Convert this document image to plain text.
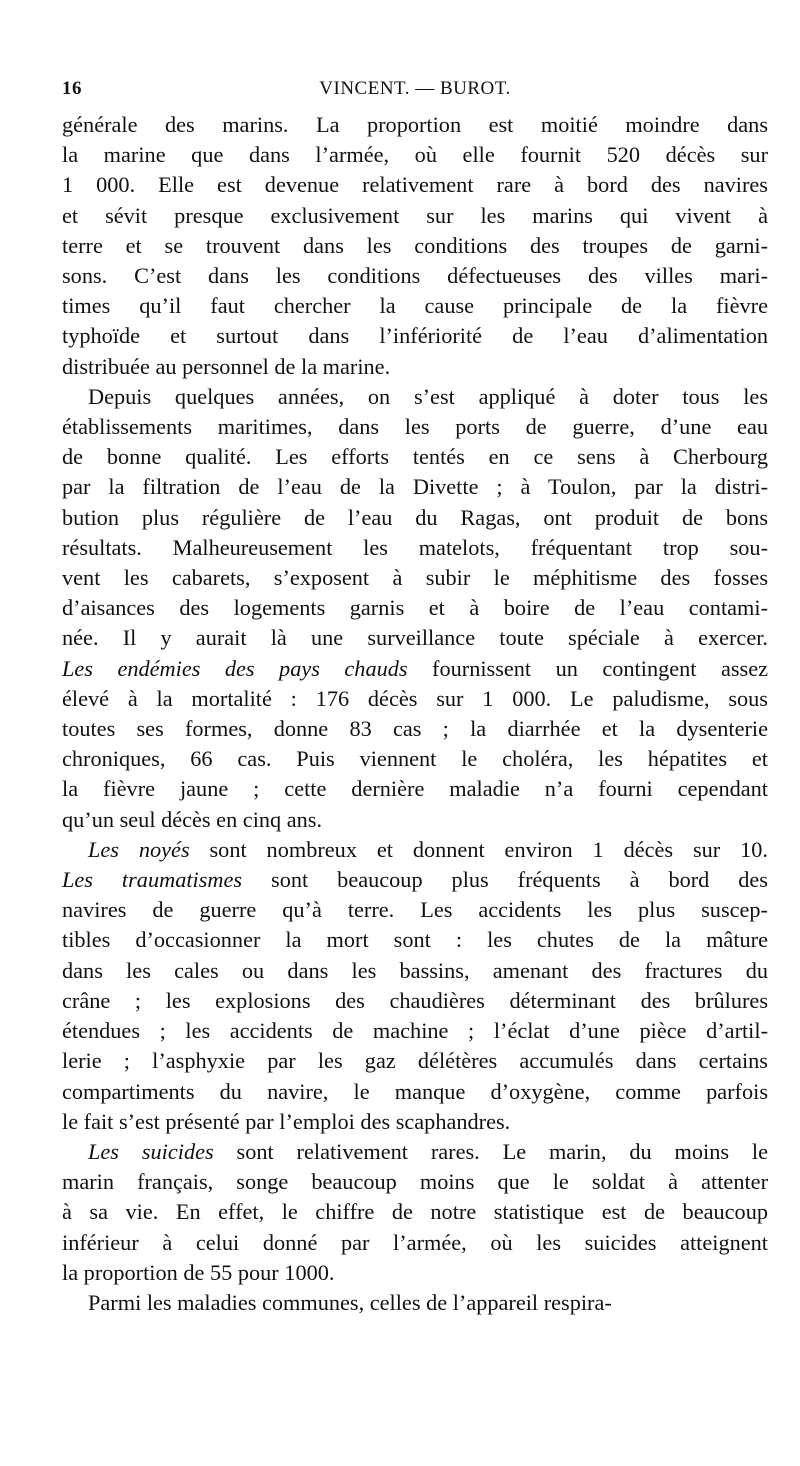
16	VINCENT. — BUROT.

générale des marins. La proportion est moitié moindre dans
la marine que dans l’armée, où elle fournit 520 décès sur
1 000. Elle est devenue relativement rare à bord des navires
et sévit presque exclusivement sur les marins qui vivent à
terre et se trouvent dans les conditions des troupes de garni-
sons. C’est dans les conditions défectueuses des villes mari-
times qu’il faut chercher la cause principale de la fièvre
typhoïde et surtout dans l’infériorité de l’eau d’alimentation
distribuée au personnel de la marine.

Depuis quelques années, on s’est appliqué à doter tous les
établissements maritimes, dans les ports de guerre, d’une eau
de bonne qualité. Les efforts tentés en ce sens à Cherbourg
par la filtration de l’eau de la Divette ; à Toulon, par la distri-
bution plus régulière de l’eau du Ragas, ont produit de bons
résultats. Malheureusement les matelots, fréquentant trop sou-
vent les cabarets, s’exposent à subir le méphitisme des fosses
d’aisances des logements garnis et à boire de l’eau contami-
née. Il y aurait là une surveillance toute spéciale à exercer.
Les endémies des pays chauds fournissent un contingent assez
élevé à la mortalité : 176 décès sur 1 000. Le paludisme, sous
toutes ses formes, donne 83 cas ; la diarrhée et la dysenterie
chroniques, 66 cas. Puis viennent le choléra, les hépatites et
la fièvre jaune ; cette dernière maladie n’a fourni cependant
qu’un seul décès en cinq ans.

Les noyés sont nombreux et donnent environ 1 décès sur 10.
Les traumatismes sont beaucoup plus fréquents à bord des
navires de guerre qu’à terre. Les accidents les plus suscep-
tibles d’occasionner la mort sont : les chutes de la mâture
dans les cales ou dans les bassins, amenant des fractures du
crâne ; les explosions des chaudières déterminant des brûlures
étendues ; les accidents de machine ; l’éclat d’une pièce d’artil-
lerie ; l’asphyxie par les gaz délétères accumulés dans certains
compartiments du navire, le manque d’oxygène, comme parfois
le fait s’est présenté par l’emploi des scaphandres.

Les suicides sont relativement rares. Le marin, du moins le
marin français, songe beaucoup moins que le soldat à attenter
à sa vie. En effet, le chiffre de notre statistique est de beaucoup
inférieur à celui donné par l’armée, où les suicides atteignent
la proportion de 55 pour 1000.

Parmi les maladies communes, celles de l’appareil respira-
